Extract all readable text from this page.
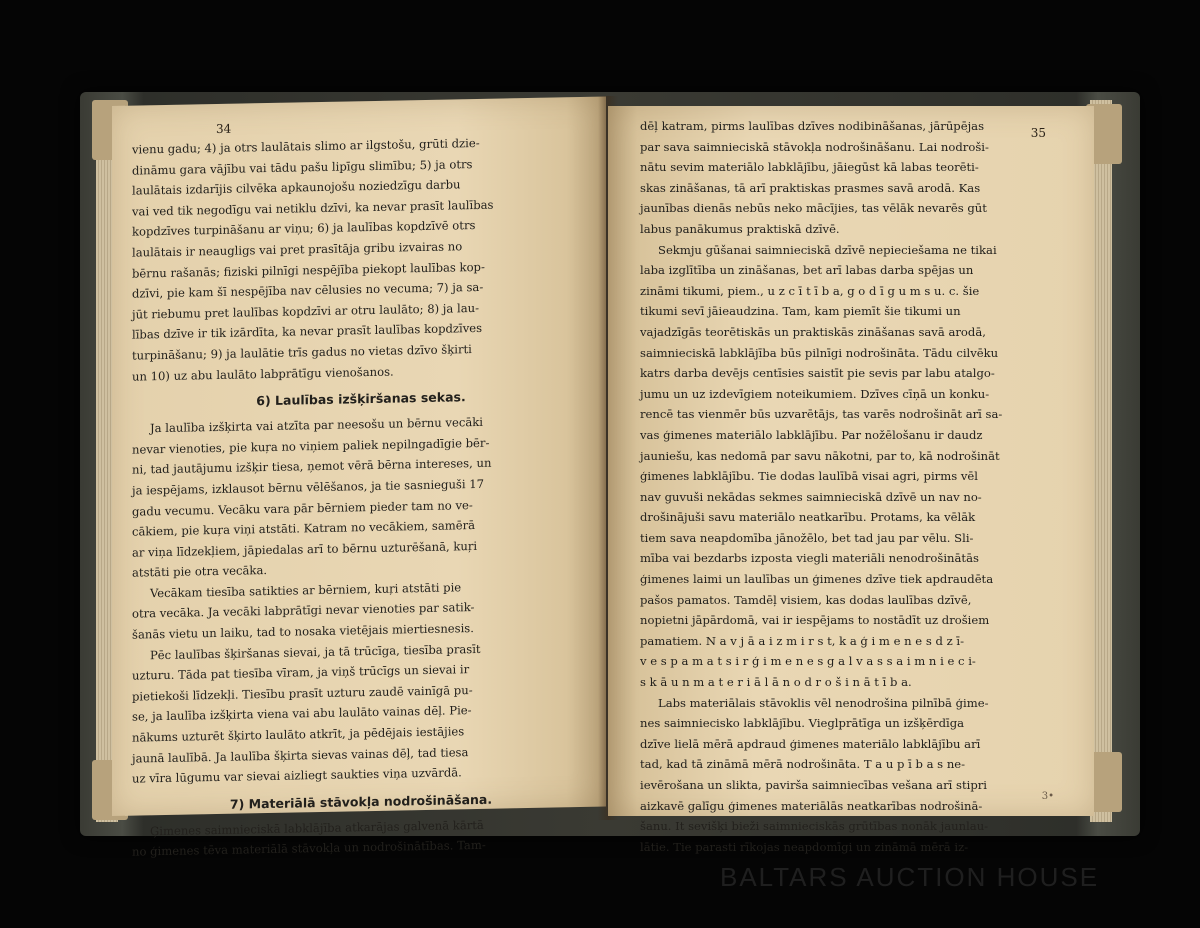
34
vienu gadu; 4) ja otrs laulātais slimo ar ilgstošu, grūti dzie-
dināmu gara vājību vai tādu pašu lipīgu slimību; 5) ja otrs
laulātais izdarījis cilvēka apkaunojošu noziedzīgu darbu
vai ved tik negodīgu vai netiklu dzīvi, ka nevar prasīt laulības
kopdzīves turpināšanu ar viņu; 6) ja laulības kopdzīvē otrs
laulātais ir neaugligs vai pret prasītāja gribu izvairas no
bērnu rašanās; fiziski pilnīgi nespējība piekopt laulības kop-
dzīvi, pie kam šī nespējība nav cēlusies no vecuma; 7) ja sa-
jūt riebumu pret laulības kopdzīvi ar otru laulāto; 8) ja lau-
lības dzīve ir tik izārdīta, ka nevar prasīt laulības kopdzīves
turpināšanu; 9) ja laulātie trīs gadus no vietas dzīvo šķirti
un 10) uz abu laulāto labprātīgu vienošanos.
6) Laulības izšķiršanas sekas.
Ja laulība izšķirta vai atzīta par neesošu un bērnu vecāki
nevar vienoties, pie kuŗa no viņiem paliek nepilngadīgie bēr-
ni, tad jautājumu izšķir tiesa, ņemot vērā bērna intereses, un
ja iespējams, izklausot bērnu vēlēšanos, ja tie sasnieguši 17
gadu vecumu. Vecāku vara pār bērniem pieder tam no ve-
cākiem, pie kuŗa viņi atstāti. Katram no vecākiem, samērā
ar viņa līdzekļiem, jāpiedalas arī to bērnu uzturēšanā, kuŗi
atstāti pie otra vecāka.
Vecākam tiesība satikties ar bērniem, kuŗi atstāti pie
otra vecāka. Ja vecāki labprātīgi nevar vienoties par satik-
šanās vietu un laiku, tad to nosaka vietējais miertiesnesis.
Pēc laulības šķiršanas sievai, ja tā trūcīga, tiesība prasīt
uzturu. Tāda pat tiesība vīram, ja viņš trūcīgs un sievai ir
pietiekoši līdzekļi. Tiesību prasīt uzturu zaudē vainīgā pu-
se, ja laulība izšķirta viena vai abu laulāto vainas dēļ. Pie-
nākums uzturēt šķirto laulāto atkrīt, ja pēdējais iestājies
jaunā laulībā. Ja laulība šķirta sievas vainas dēļ, tad tiesa
uz vīra lūgumu var sievai aizliegt saukties viņa uzvārdā.
7) Materiālā stāvokļa nodrošināšana.
Ģimenes saimnieciskā labklājība atkarājas galvenā kārtā
no ģimenes tēva materiālā stāvokļa un nodrošinātības. Tam-
35
dēļ katram, pirms laulības dzīves nodibināšanas, jārūpējas
par sava saimnieciskā stāvokļa nodrošināšanu. Lai nodroši-
nātu sevim materiālo labklājību, jāiegūst kā labas teorēti-
skas zināšanas, tā arī praktiskas prasmes savā arodā. Kas
jaunības dienās nebūs neko mācījies, tas vēlāk nevarēs gūt
labus panākumus praktiskā dzīvē.
Sekmju gūšanai saimnieciskā dzīvē nepieciešama ne tikai
laba izglītība un zināšanas, bet arī labas darba spējas un
zināmi tikumi, piem., u z c ī t ī b a, g o d ī g u m s u. c. šie
tikumi sevī jāieaudzina. Tam, kam piemīt šie tikumi un
vajadzīgās teorētiskās un praktiskās zināšanas savā arodā,
saimnieciskā labklājība būs pilnīgi nodrošināta. Tādu cilvēku
katrs darba devējs centīsies saistīt pie sevis par labu atalgo-
jumu un uz izdevīgiem noteikumiem. Dzīves cīņā un konku-
rencē tas vienmēr būs uzvarētājs, tas varēs nodrošināt arī sa-
vas ģimenes materiālo labklājību. Par nožēlošanu ir daudz
jauniešu, kas nedomā par savu nākotni, par to, kā nodrošināt
ģimenes labklājību. Tie dodas laulībā visai agri, pirms vēl
nav guvuši nekādas sekmes saimnieciskā dzīvē un nav no-
drošinājuši savu materiālo neatkarību. Protams, ka vēlāk
tiem sava neapdomība jānožēlo, bet tad jau par vēlu. Sli-
mība vai bezdarbs izposta viegli materiāli nenodrošinātās
ģimenes laimi un laulības un ģimenes dzīve tiek apdraudēta
pašos pamatos. Tamdēļ visiem, kas dodas laulības dzīvē,
nopietni jāpārdomā, vai ir iespējams to nostādīt uz drošiem
pamatiem. N a v j ā a i z m i r s t, k a ģ i m e n e s d z ī-
v e s p a m a t s i r ģ i m e n e s g a l v a s s a i m n i e c i-
s k ā u n m a t e r i ā l ā n o d r o š i n ā t ī b a.
Labs materiālais stāvoklis vēl nenodrošina pilnībā ģime-
nes saimniecisko labklājību. Vieglprātīga un izšķērdīga
dzīve lielā mērā apdraud ģimenes materiālo labklājību arī
tad, kad tā zināmā mērā nodrošināta. T a u p ī b a s ne-
ievērošana un slikta, pavirša saimniecības vešana arī stipri
aizkavē galīgu ģimenes materiālās neatkarības nodrošinā-
šanu. It sevišķi bieži saimnieciskās grūtības nonāk jaunlau-
lātie. Tie parasti rīkojas neapdomīgi un zināmā mērā iz-
3•
BALTARS AUCTION HOUSE
